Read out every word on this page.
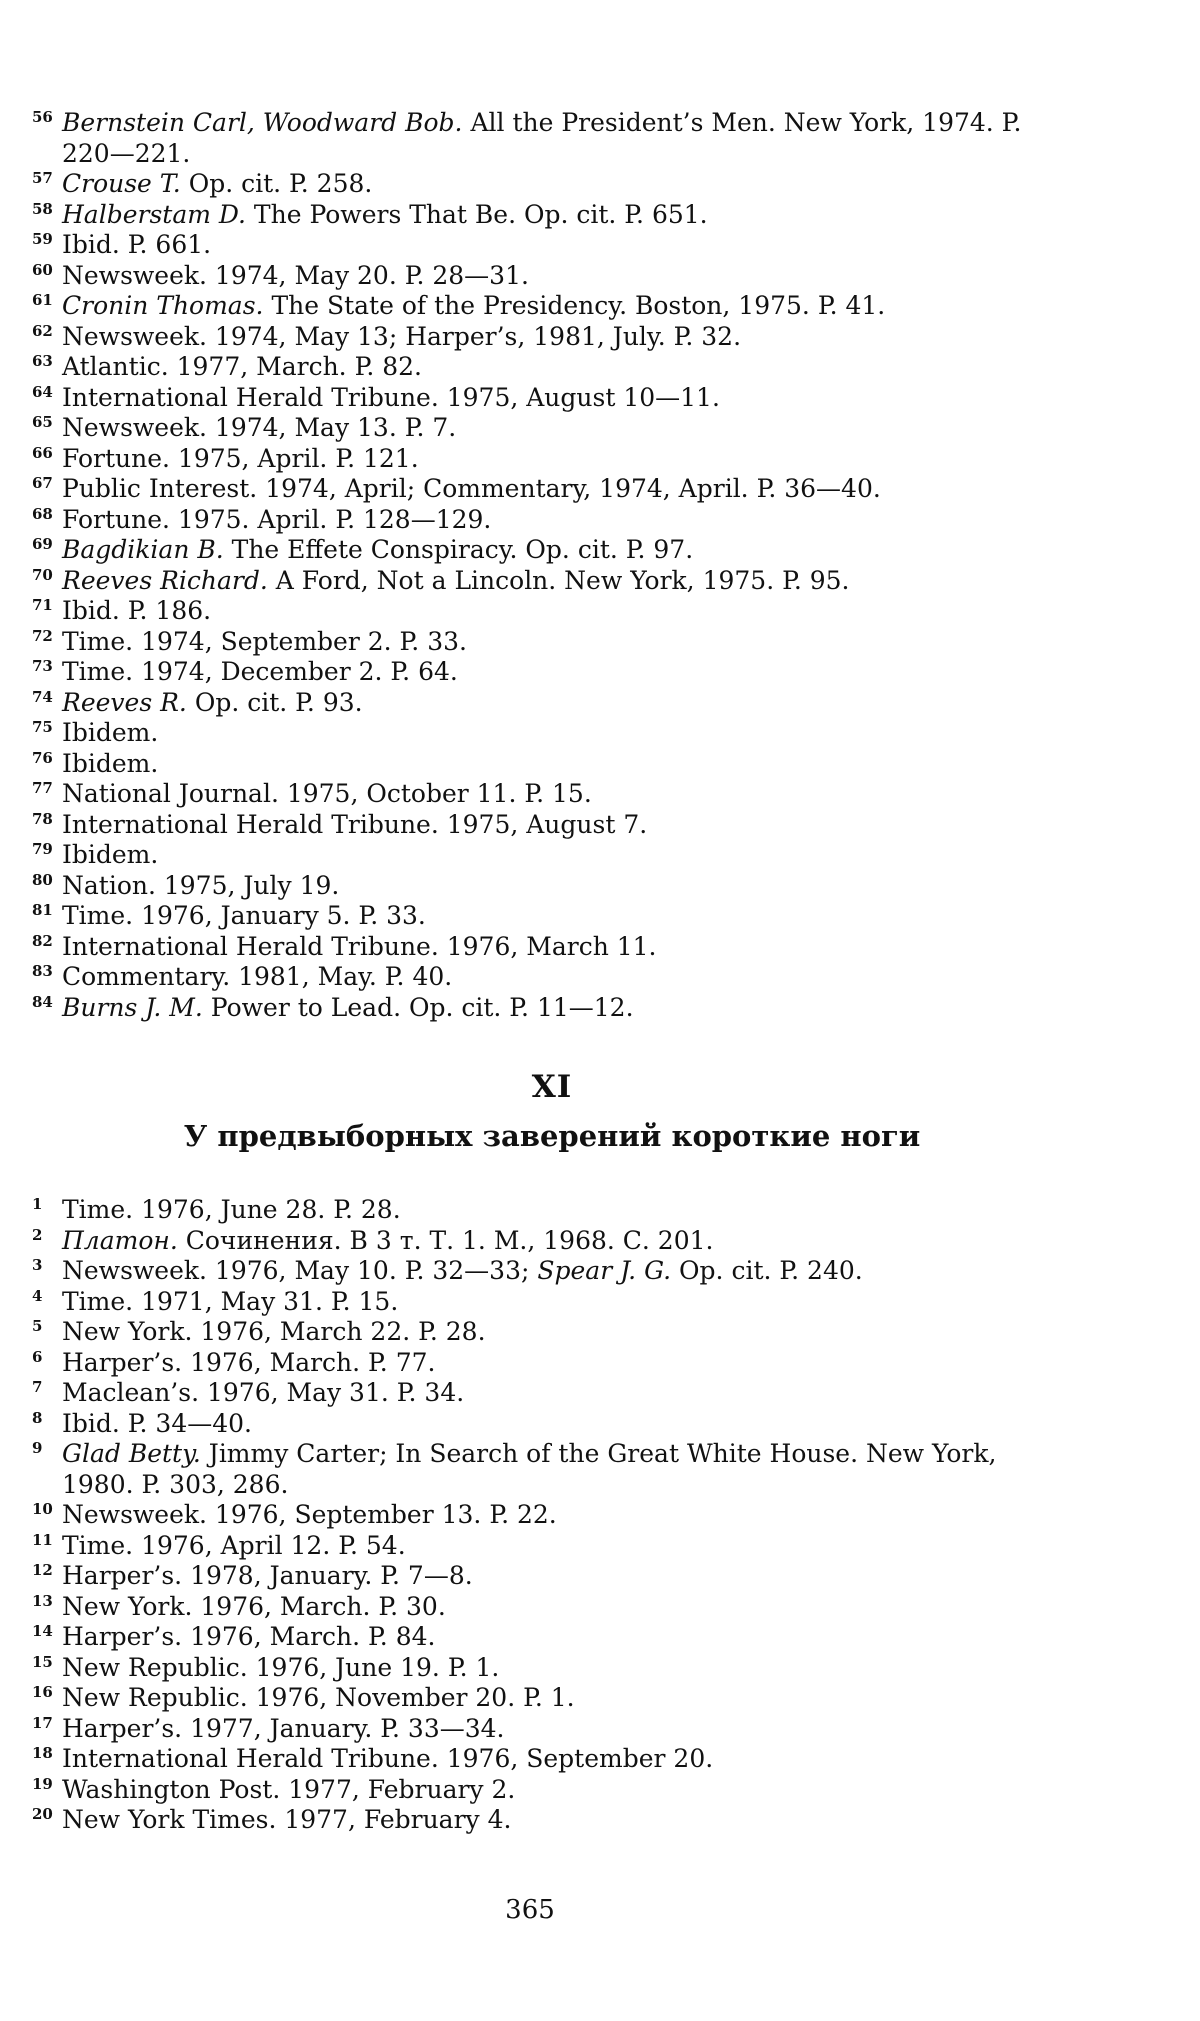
56 Bernstein Carl, Woodward Bob. All the President’s Men. New York, 1974. P. 220—221.
57 Crouse T. Op. cit. P. 258.
58 Halberstam D. The Powers That Be. Op. cit. P. 651.
59 Ibid. P. 661.
60 Newsweek. 1974, May 20. P. 28—31.
61 Cronin Thomas. The State of the Presidency. Boston, 1975. P. 41.
62 Newsweek. 1974, May 13; Harper’s, 1981, July. P. 32.
63 Atlantic. 1977, March. P. 82.
64 International Herald Tribune. 1975, August 10—11.
65 Newsweek. 1974, May 13. P. 7.
66 Fortune. 1975, April. P. 121.
67 Public Interest. 1974, April; Commentary, 1974, April. P. 36—40.
68 Fortune. 1975. April. P. 128—129.
69 Bagdikian B. The Effete Conspiracy. Op. cit. P. 97.
70 Reeves Richard. A Ford, Not a Lincoln. New York, 1975. P. 95.
71 Ibid. P. 186.
72 Time. 1974, September 2. P. 33.
73 Time. 1974, December 2. P. 64.
74 Reeves R. Op. cit. P. 93.
75 Ibidem.
76 Ibidem.
77 National Journal. 1975, October 11. P. 15.
78 International Herald Tribune. 1975, August 7.
79 Ibidem.
80 Nation. 1975, July 19.
81 Time. 1976, January 5. P. 33.
82 International Herald Tribune. 1976, March 11.
83 Commentary. 1981, May. P. 40.
84 Burns J. M. Power to Lead. Op. cit. P. 11—12.
XI
У предвыборных заверений короткие ноги
1 Time. 1976, June 28. P. 28.
2 Платон. Сочинения. В 3 т. Т. 1. М., 1968. С. 201.
3 Newsweek. 1976, May 10. P. 32—33; Spear J. G. Op. cit. P. 240.
4 Time. 1971, May 31. P. 15.
5 New York. 1976, March 22. P. 28.
6 Harper’s. 1976, March. P. 77.
7 Maclean’s. 1976, May 31. P. 34.
8 Ibid. P. 34—40.
9 Glad Betty. Jimmy Carter; In Search of the Great White House. New York, 1980. P. 303, 286.
10 Newsweek. 1976, September 13. P. 22.
11 Time. 1976, April 12. P. 54.
12 Harper’s. 1978, January. P. 7—8.
13 New York. 1976, March. P. 30.
14 Harper’s. 1976, March. P. 84.
15 New Republic. 1976, June 19. P. 1.
16 New Republic. 1976, November 20. P. 1.
17 Harper’s. 1977, January. P. 33—34.
18 International Herald Tribune. 1976, September 20.
19 Washington Post. 1977, February 2.
20 New York Times. 1977, February 4.
365
